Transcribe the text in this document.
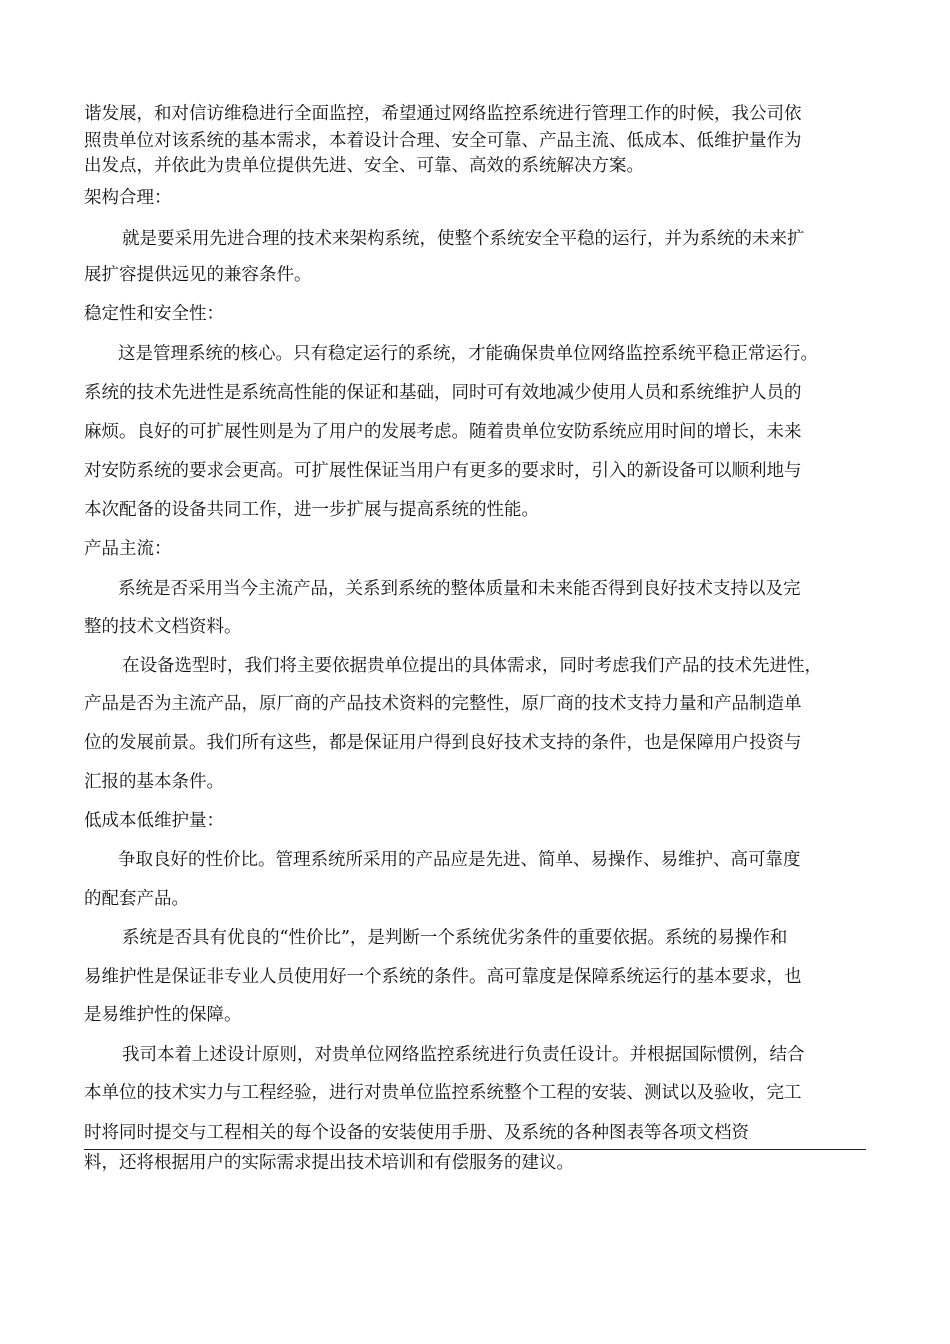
谐发展，和对信访维稳进行全面监控，希望通过网络监控系统进行管理工作的时候，我公司依
照贵单位对该系统的基本需求，本着设计合理、安全可靠、产品主流、低成本、低维护量作为
出发点，并依此为贵单位提供先进、安全、可靠、高效的系统解决方案。
架构合理：
就是要采用先进合理的技术来架构系统，使整个系统安全平稳的运行，并为系统的未来扩
展扩容提供远见的兼容条件。
稳定性和安全性：
这是管理系统的核心。只有稳定运行的系统，才能确保贵单位网络监控系统平稳正常运行。
系统的技术先进性是系统高性能的保证和基础，同时可有效地减少使用人员和系统维护人员的
麻烦。良好的可扩展性则是为了用户的发展考虑。随着贵单位安防系统应用时间的增长，未来
对安防系统的要求会更高。可扩展性保证当用户有更多的要求时，引入的新设备可以顺利地与
本次配备的设备共同工作，进一步扩展与提高系统的性能。
产品主流：
系统是否采用当今主流产品，关系到系统的整体质量和未来能否得到良好技术支持以及完
整的技术文档资料。
在设备选型时，我们将主要依据贵单位提出的具体需求，同时考虑我们产品的技术先进性，
产品是否为主流产品，原厂商的产品技术资料的完整性，原厂商的技术支持力量和产品制造单
位的发展前景。我们所有这些，都是保证用户得到良好技术支持的条件，也是保障用户投资与
汇报的基本条件。
低成本低维护量：
争取良好的性价比。管理系统所采用的产品应是先进、简单、易操作、易维护、高可靠度
的配套产品。
系统是否具有优良的“性价比”，是判断一个系统优劣条件的重要依据。系统的易操作和
易维护性是保证非专业人员使用好一个系统的条件。高可靠度是保障系统运行的基本要求，也
是易维护性的保障。
我司本着上述设计原则，对贵单位网络监控系统进行负责任设计。并根据国际惯例，结合
本单位的技术实力与工程经验，进行对贵单位监控系统整个工程的安装、测试以及验收，完工
时将同时提交与工程相关的每个设备的安装使用手册、及系统的各种图表等各项文档资
料，还将根据用户的实际需求提出技术培训和有偿服务的建议。
